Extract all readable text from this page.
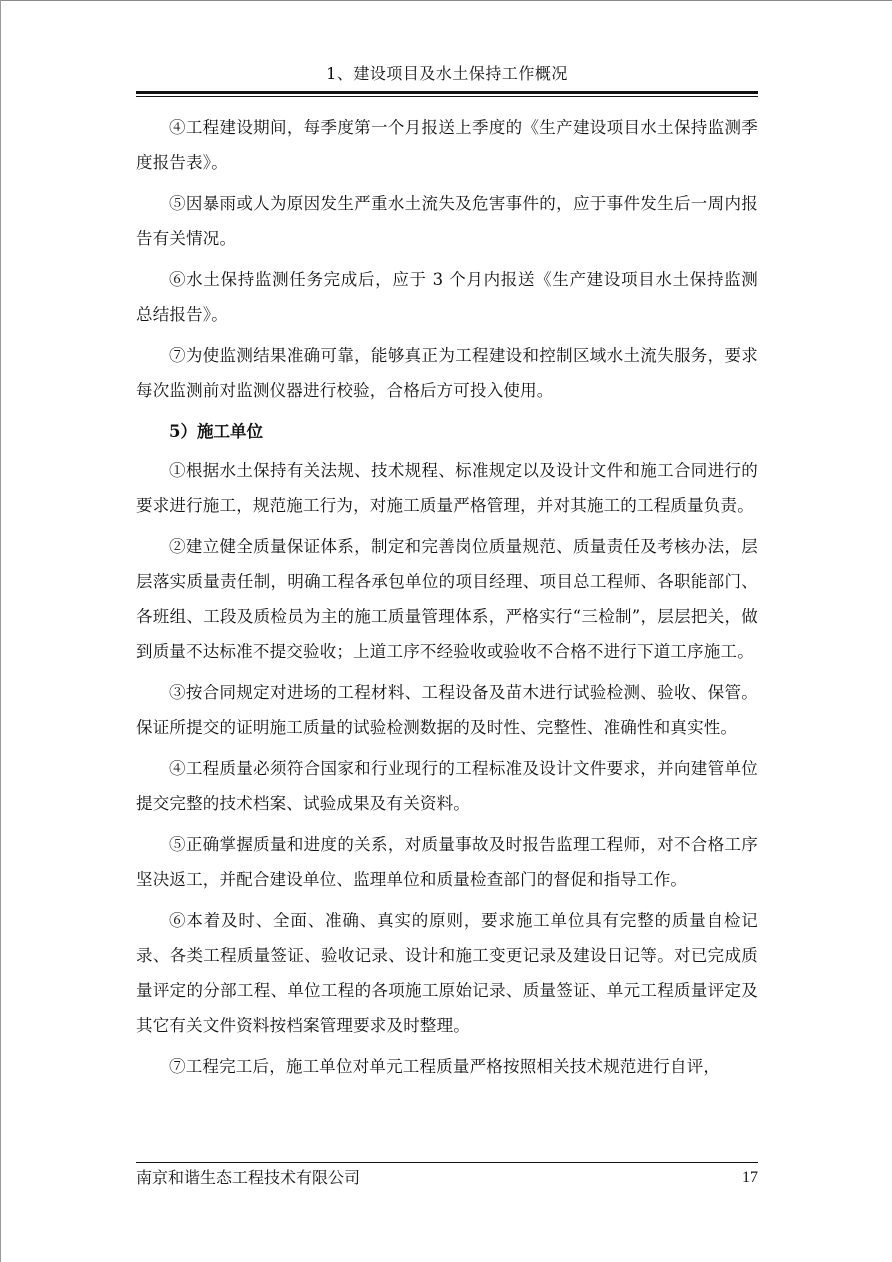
1、建设项目及水土保持工作概况

④工程建设期间，每季度第一个月报送上季度的《生产建设项目水土保持监测季度报告表》。

⑤因暴雨或人为原因发生严重水土流失及危害事件的，应于事件发生后一周内报告有关情况。

⑥水土保持监测任务完成后，应于 3 个月内报送《生产建设项目水土保持监测总结报告》。

⑦为使监测结果准确可靠，能够真正为工程建设和控制区域水土流失服务，要求每次监测前对监测仪器进行校验，合格后方可投入使用。

5）施工单位

①根据水土保持有关法规、技术规程、标准规定以及设计文件和施工合同进行的要求进行施工，规范施工行为，对施工质量严格管理，并对其施工的工程质量负责。

②建立健全质量保证体系，制定和完善岗位质量规范、质量责任及考核办法，层层落实质量责任制，明确工程各承包单位的项目经理、项目总工程师、各职能部门、各班组、工段及质检员为主的施工质量管理体系，严格实行“三检制”，层层把关，做到质量不达标准不提交验收；上道工序不经验收或验收不合格不进行下道工序施工。

③按合同规定对进场的工程材料、工程设备及苗木进行试验检测、验收、保管。保证所提交的证明施工质量的试验检测数据的及时性、完整性、准确性和真实性。

④工程质量必须符合国家和行业现行的工程标准及设计文件要求，并向建管单位提交完整的技术档案、试验成果及有关资料。

⑤正确掌握质量和进度的关系，对质量事故及时报告监理工程师，对不合格工序坚决返工，并配合建设单位、监理单位和质量检查部门的督促和指导工作。

⑥本着及时、全面、准确、真实的原则，要求施工单位具有完整的质量自检记录、各类工程质量签证、验收记录、设计和施工变更记录及建设日记等。对已完成质量评定的分部工程、单位工程的各项施工原始记录、质量签证、单元工程质量评定及其它有关文件资料按档案管理要求及时整理。

⑦工程完工后，施工单位对单元工程质量严格按照相关技术规范进行自评，

南京和谐生态工程技术有限公司	17
